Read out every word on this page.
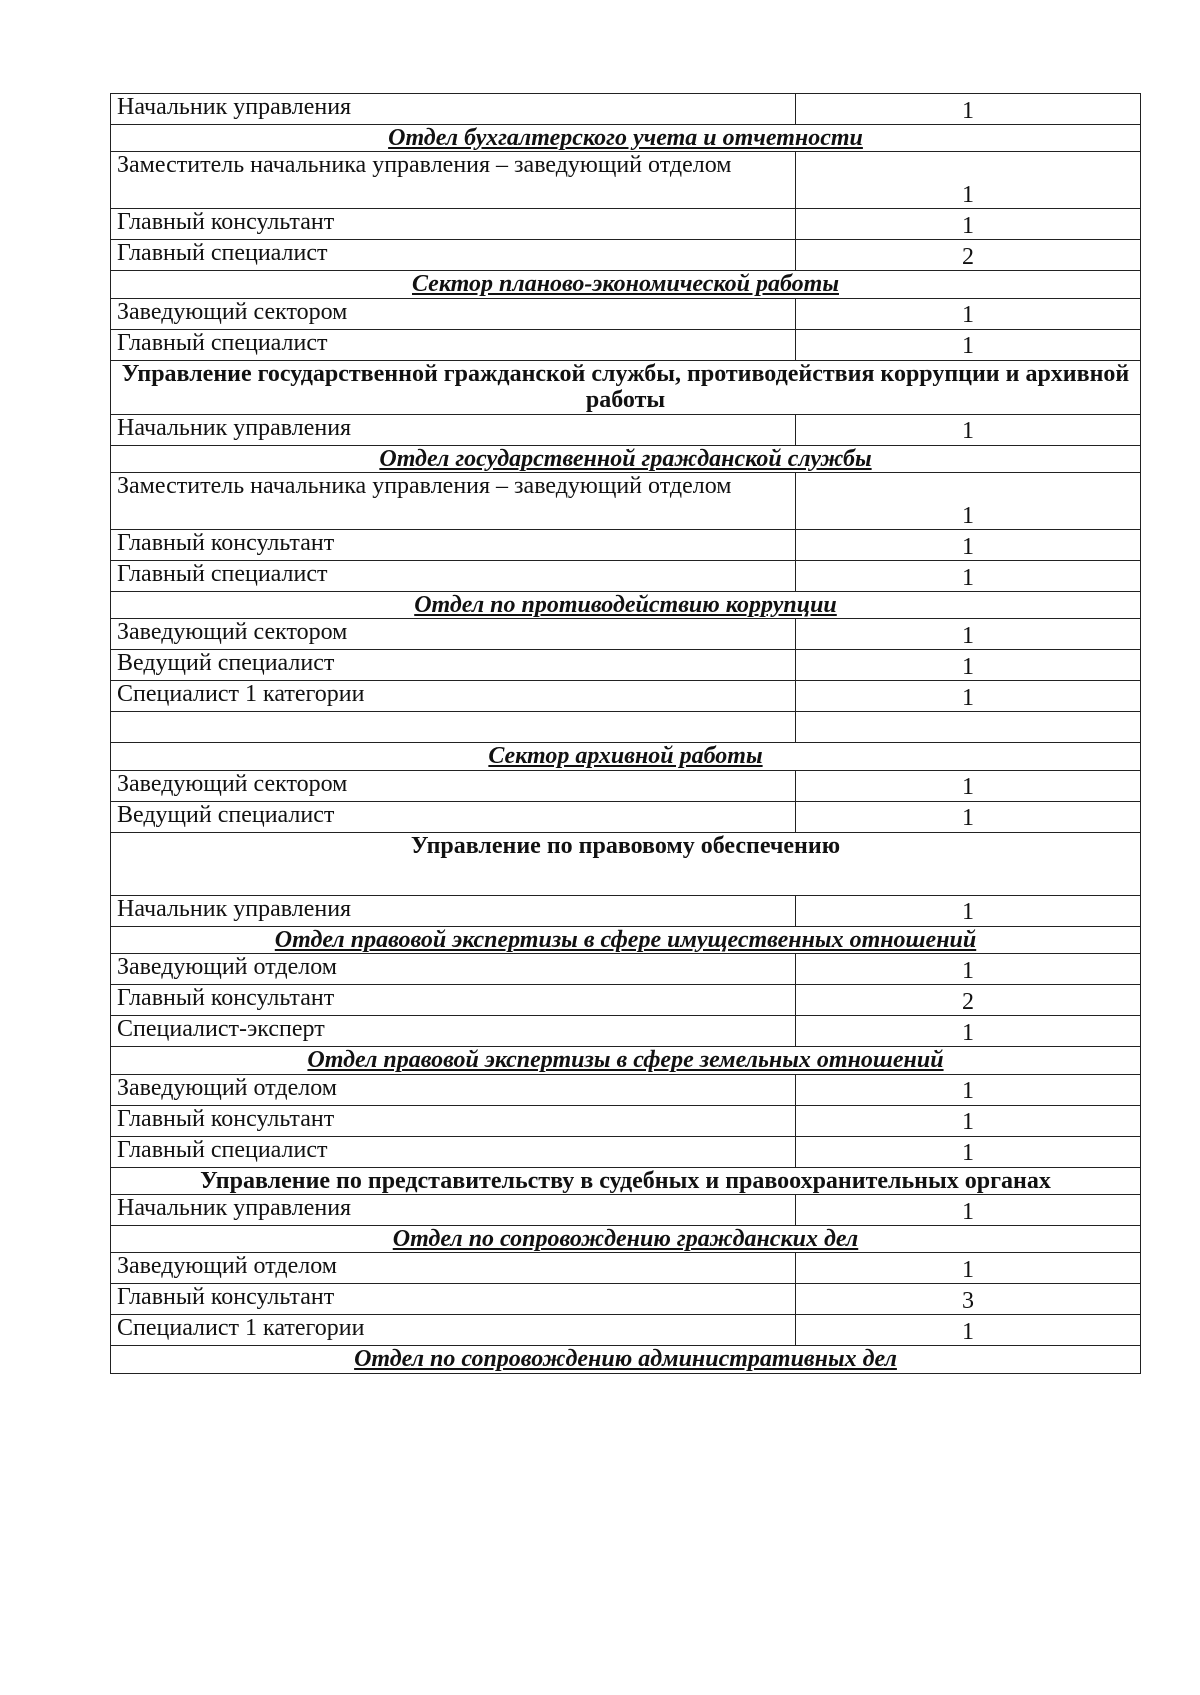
Начальник управления	1
Отдел бухгалтерского учета и отчетности	
Заместитель начальника управления – заведующий отделом	1
Главный консультант	1
Главный специалист	2
Сектор планово-экономической работы	
Заведующий сектором	1
Главный специалист	1
Управление государственной гражданской службы, противодействия коррупции и архивной работы	
Начальник управления	1
Отдел государственной гражданской службы	
Заместитель начальника управления – заведующий отделом	1
Главный консультант	1
Главный специалист	1
Отдел по противодействию коррупции	
Заведующий сектором	1
Ведущий специалист	1
Специалист 1 категории	1

Сектор архивной работы	
Заведующий сектором	1
Ведущий специалист	1
Управление по правовому обеспечению	
Начальник управления	1
Отдел правовой экспертизы в сфере имущественных отношений	
Заведующий отделом	1
Главный консультант	2
Специалист-эксперт	1
Отдел правовой экспертизы в сфере земельных отношений	
Заведующий отделом	1
Главный консультант	1
Главный специалист	1
Управление по представительству в судебных и правоохранительных органах	
Начальник управления	1
Отдел по сопровождению гражданских дел	
Заведующий отделом	1
Главный консультант	3
Специалист 1 категории	1
Отдел по сопровождению административных дел	
